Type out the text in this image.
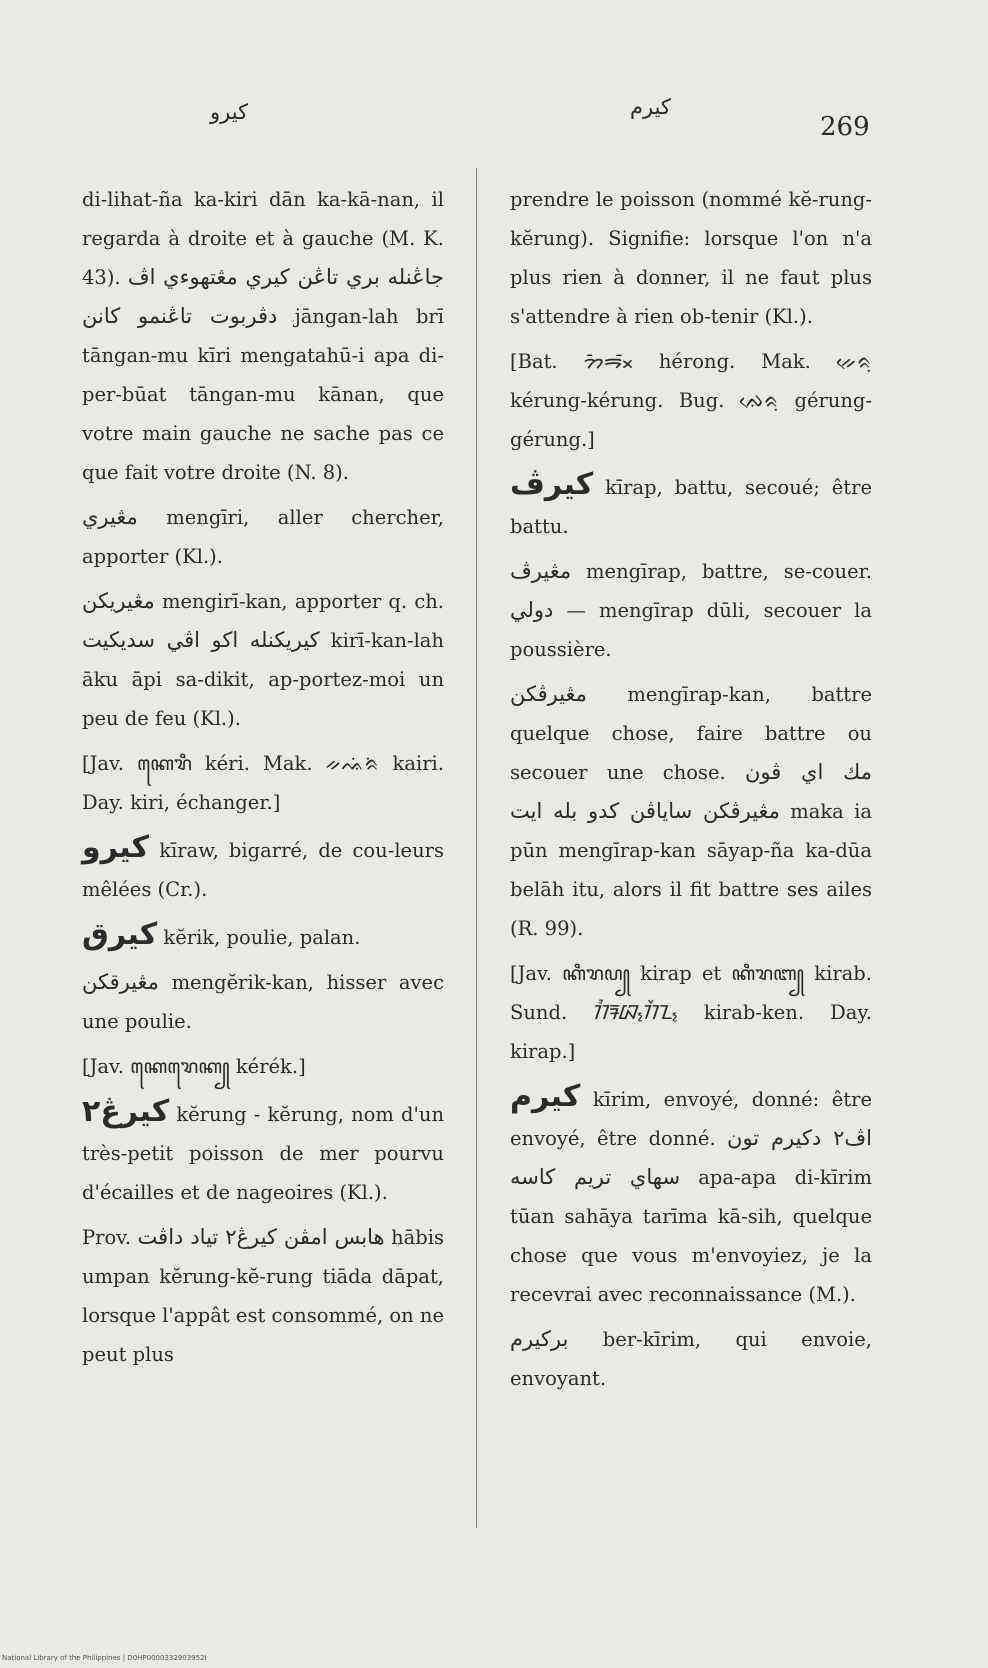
كيرو	كيرم
269

di-lihat-ña ka-kiri dān ka-kā-nan, il regarda à droite et à gauche (M. K. 43). جاڠنله بري تاڠن كيري مڠتهوءي اڤ دڤربوت تاڠنمو كانن jāngan-lah brī tāngan-mu kīri mengatahū-i apa di-per-būat tāngan-mu kānan, que votre main gauche ne sache pas ce que fait votre droite (N. 8).

مڠيري mengīri, aller chercher, apporter (Kl.).

مڠيريكن mengirī-kan, apporter q. ch. كيريكنله اكو اڤي سديكيت kirī-kan-lah āku āpi sa-dikit, ap-portez-moi un peu de feu (Kl.).

[Jav. ꦏꦺꦫꦶ kéri. Mak. ᨀᨕᨗᨑᨗ kairi. Day. kiri, échanger.]

كيرو kīraw, bigarré, de cou-leurs mêlées (Cr.).

كيرق kĕrik, poulie, palan.

مڠيرقكن mengĕrik-kan, hisser avec une poulie.

[Jav. ꦏꦺꦫꦺꦏ꧀ kérék.]

كيرڠ٢ kĕrung - kĕrung, nom d'un très-petit poisson de mer pourvu d'écailles et de nageoires (Kl.).

Prov. هابس امڤن كيرڠ٢ تياد داڤت hābis umpan kĕrung-kĕ-rung tiāda dāpat, lorsque l'appât est consommé, on ne peut plus

prendre le poisson (nommé kĕ-rung-kĕrung). Signifie: lorsque l'on n'a plus rien à donner, il ne faut plus s'attendre à rien ob-tenir (Kl.).

[Bat. ᯂᯩᯒᯬᯰ hérong. Mak. ᨀᨙᨑᨘ kérung-kérung. Bug. ᨁᨙᨑᨘ gérung-gérung.]

كيرڤ kīrap, battu, secoué; être battu.

مڠيرڤ mengīrap, battre, se-couer. دولي — mengīrap dūli, secouer la poussière.

مڠيرڤكن mengīrap-kan, battre quelque chose, faire battre ou secouer une chose. مك اي ڤون مڠيرڤكن ساياڤن كدو بله ايت maka ia pūn mengīrap-kan sāyap-ña ka-dūa belāh itu, alors il fit battre ses ailes (R. 99).

[Jav. ꦏꦶꦫꦥ꧀ kirap et ꦏꦶꦫꦧ꧀ kirab. Sund. ᮊᮤᮛᮘ᮪ᮊᮨᮔ᮪ kirab-ken. Day. kirap.]

كيرم kīrim, envoyé, donné: être envoyé, être donné. اڤ٢ دكيرم تون سهاي تريم كاسه apa-apa di-kīrim tūan sahāya tarīma kā-sih, quelque chose que vous m'envoyiez, je la recevrai avec reconnaissance (M.).

بركيرم ber-kīrim, qui envoie, envoyant.

National Library of the Philippines | D0HP0000332903952I
